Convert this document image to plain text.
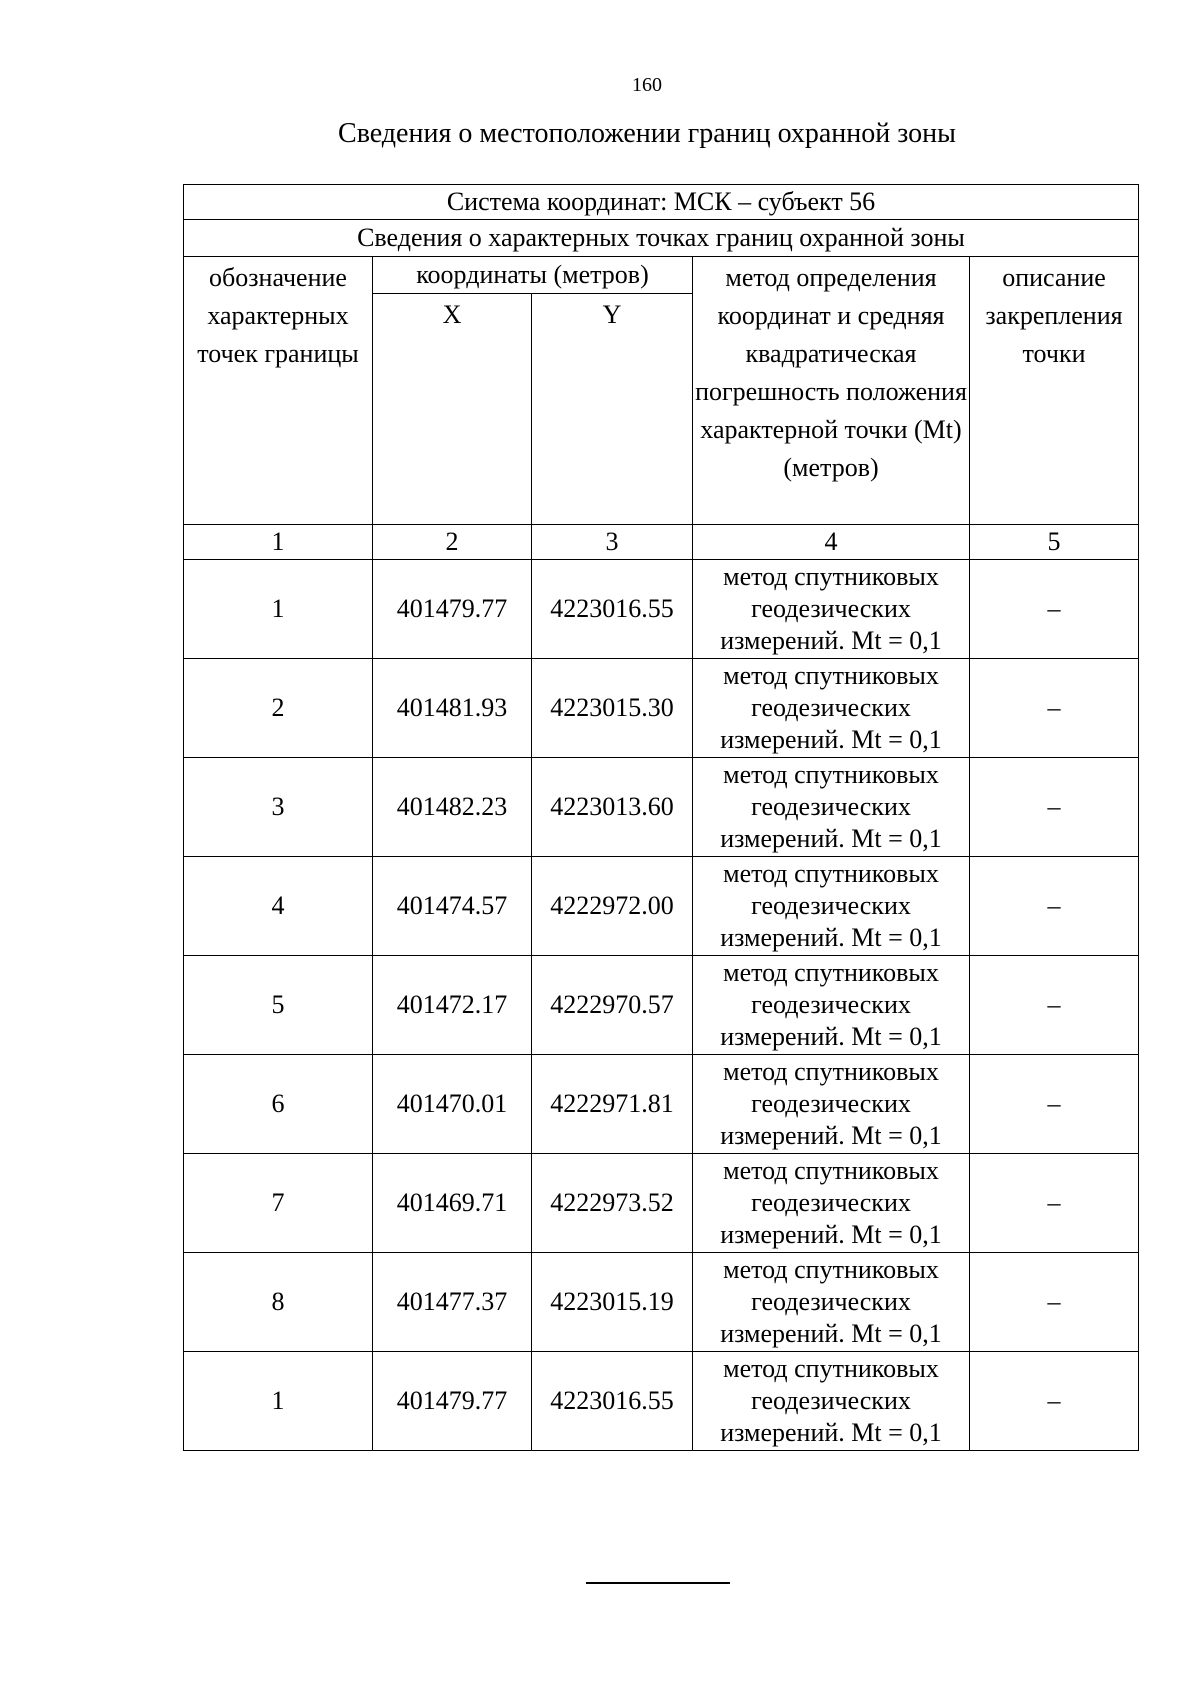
160
Сведения о местоположении границ охранной зоны
Система координат: МСК – субъект 56				
Сведения о характерных точках границ охранной зоны				
обозначение характерных точек границы	координаты (метров)		метод определения координат и средняя квадратическая погрешность положения характерной точки (Mt) (метров)	описание закрепления точки
	X	Y		
1	2	3	4	5
1	401479.77	4223016.55	метод спутниковых геодезических измерений. Mt = 0,1	–
2	401481.93	4223015.30	метод спутниковых геодезических измерений. Mt = 0,1	–
3	401482.23	4223013.60	метод спутниковых геодезических измерений. Mt = 0,1	–
4	401474.57	4222972.00	метод спутниковых геодезических измерений. Mt = 0,1	–
5	401472.17	4222970.57	метод спутниковых геодезических измерений. Mt = 0,1	–
6	401470.01	4222971.81	метод спутниковых геодезических измерений. Mt = 0,1	–
7	401469.71	4222973.52	метод спутниковых геодезических измерений. Mt = 0,1	–
8	401477.37	4223015.19	метод спутниковых геодезических измерений. Mt = 0,1	–
1	401479.77	4223016.55	метод спутниковых геодезических измерений. Mt = 0,1	–
